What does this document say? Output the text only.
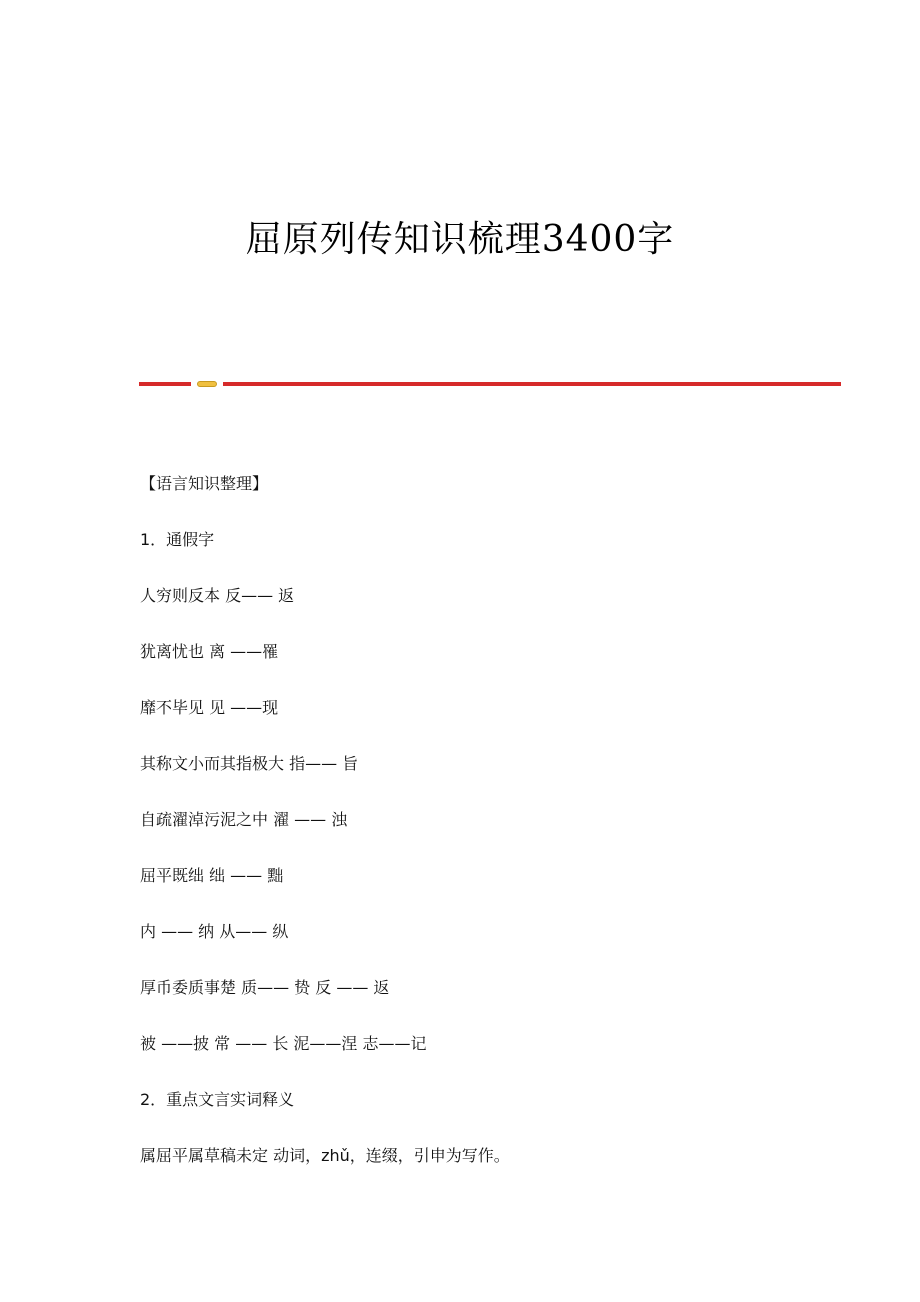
屈原列传知识梳理3400字
【语言知识整理】
1．通假字
人穷则反本 反—— 返
犹离忧也 离 ——罹
靡不毕见 见 ——现
其称文小而其指极大 指—— 旨
自疏濯淖污泥之中 濯 —— 浊
屈平既绌 绌 —— 黜
内 —— 纳 从—— 纵
厚币委质事楚 质—— 贽 反 —— 返
被 ——披 常 —— 长 泥——涅 志——记
2．重点文言实词释义
属屈平属草稿未定 动词，zhǔ，连缀，引申为写作。
